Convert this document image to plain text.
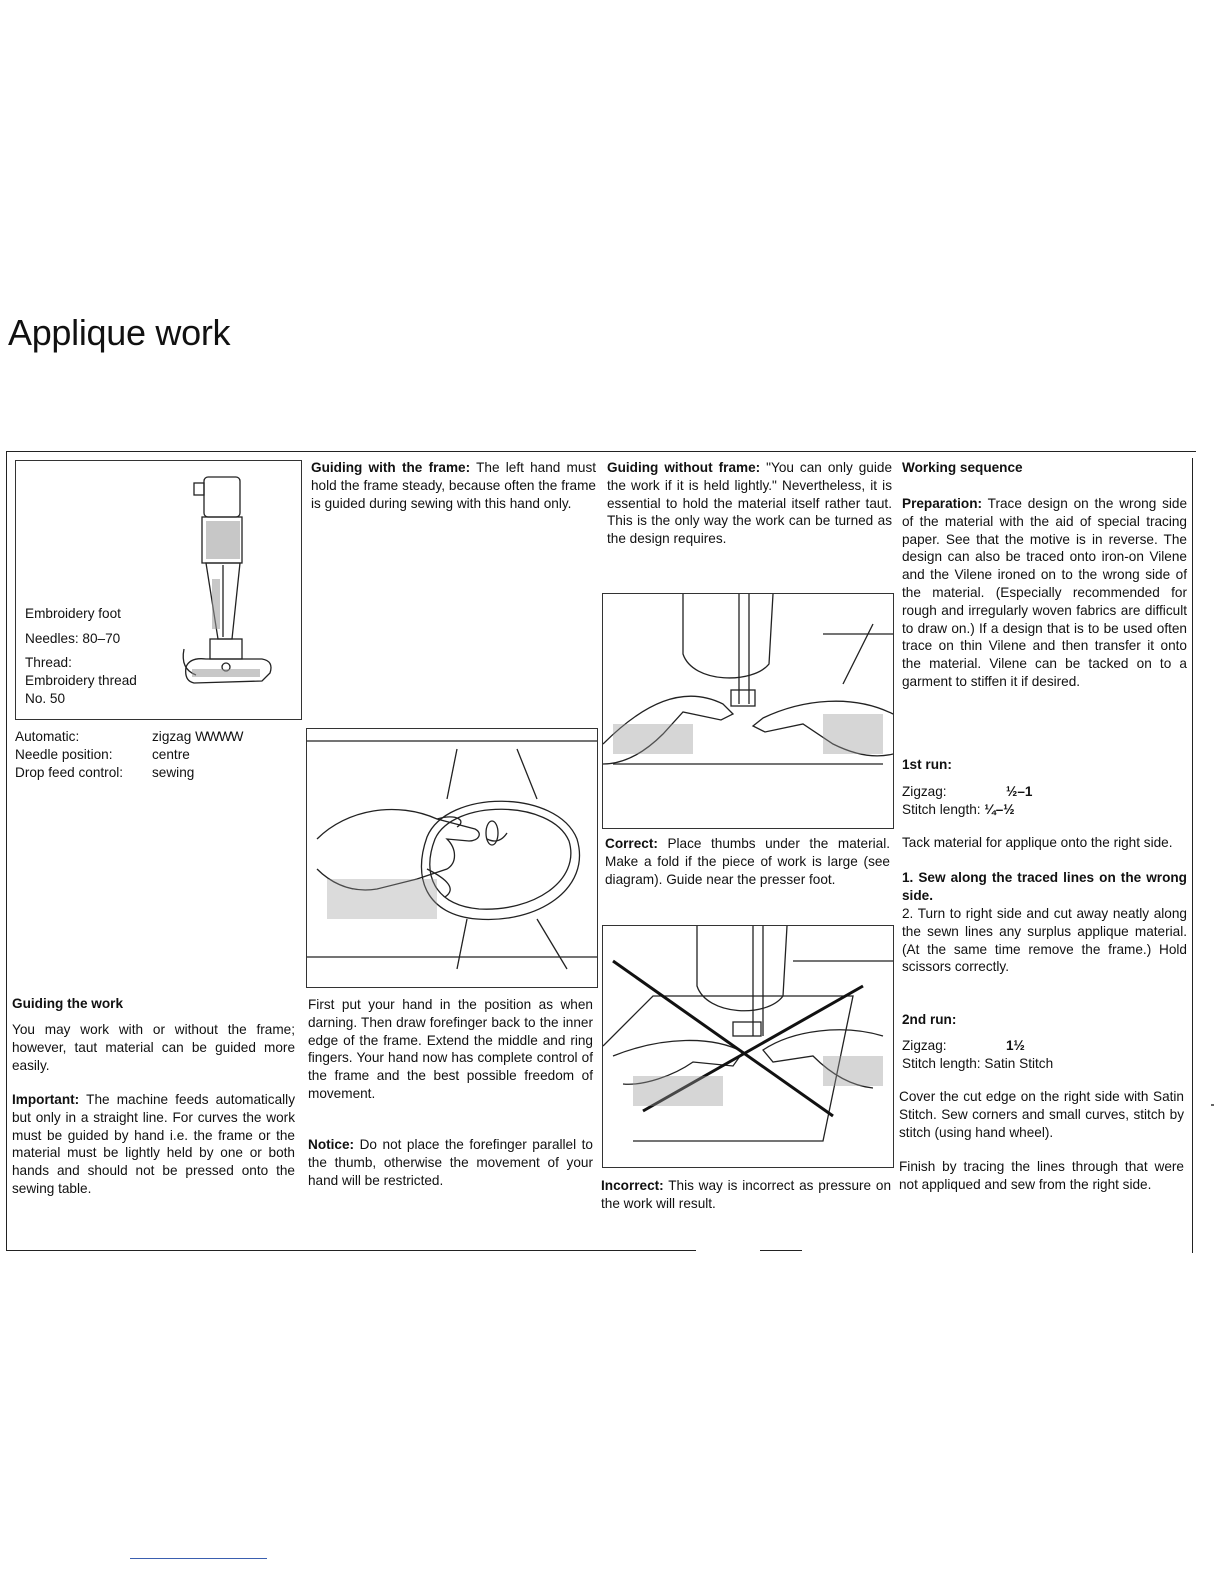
Applique work
Embroidery foot
Needles: 80–70
Thread:
Embroidery thread
No. 50
Automatic:	zigzag WWWW
Needle position:	centre
Drop feed control: sewing
Guiding the work
You may work with or without the frame; however, taut material can be guided more easily.
Important: The machine feeds automatically but only in a straight line. For curves the work must be guided by hand i.e. the frame or the material must be lightly held by one or both hands and should not be pressed onto the sewing table.
Guiding with the frame: The left hand must hold the frame steady, because often the frame is guided during sewing with this hand only.
First put your hand in the position as when darning. Then draw forefinger back to the inner edge of the frame. Extend the middle and ring fingers. Your hand now has complete control of the frame and the best possible freedom of movement.
Notice: Do not place the forefinger parallel to the thumb, otherwise the movement of your hand will be restricted.
Guiding without frame: "You can only guide the work if it is held lightly." Nevertheless, it is essential to hold the material itself rather taut. This is the only way the work can be turned as the design requires.
Correct: Place thumbs under the material. Make a fold if the piece of work is large (see diagram). Guide near the presser foot.
Incorrect: This way is incorrect as pressure on the work will result.
Working sequence
Preparation: Trace design on the wrong side of the material with the aid of special tracing paper. See that the motive is in reverse. The design can also be traced onto iron-on Vilene and the Vilene ironed on to the wrong side of the material. (Especially recommended for rough and irregularly woven fabrics are difficult to draw on.) If a design that is to be used often trace on thin Vilene and then transfer it onto the material. Vilene can be tacked on to a garment to stiffen it if desired.
1st run:
Zigzag:	½–1
Stitch length: ¼–½
Tack material for applique onto the right side.
1. Sew along the traced lines on the wrong side.
2. Turn to right side and cut away neatly along the sewn lines any surplus applique material. (At the same time remove the frame.) Hold scissors correctly.
2nd run:
Zigzag:	1½
Stitch length: Satin Stitch
Cover the cut edge on the right side with Satin Stitch. Sew corners and small curves, stitch by stitch (using hand wheel).
Finish by tracing the lines through that were not appliqued and sew from the right side.
